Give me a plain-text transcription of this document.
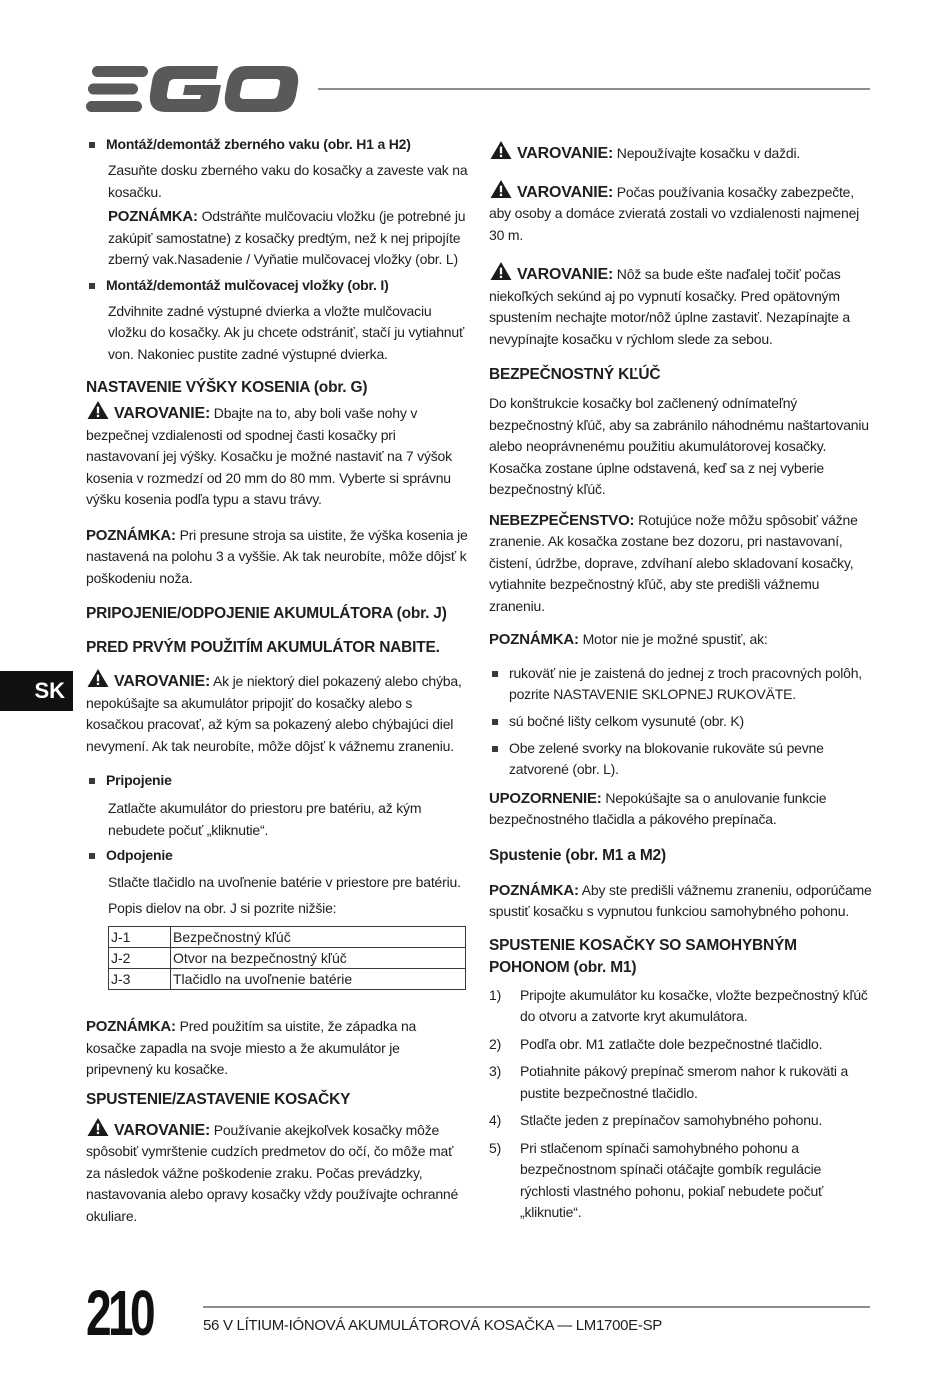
SK
Montáž/demontáž zberného vaku (obr. H1 a H2)

Zasuňte dosku zberného vaku do kosačky a zaveste vak na kosačku.

POZNÁMKA: Odstráňte mulčovaciu vložku (je potrebné ju zakúpiť samostatne) z kosačky predtým, než k nej pripojíte zberný vak.Nasadenie / Vyňatie mulčovacej vložky (obr. L)

Montáž/demontáž mulčovacej vložky (obr. I)

Zdvihnite zadné výstupné dvierka a vložte mulčovaciu vložku do kosačky. Ak ju chcete odstrániť, stačí ju vytiahnuť von. Nakoniec pustite zadné výstupné dvierka.

NASTAVENIE VÝŠKY KOSENIA (obr. G)

VAROVANIE: Dbajte na to, aby boli vaše nohy v bezpečnej vzdialenosti od spodnej časti kosačky pri nastavovaní jej výšky. Kosačku je možné nastaviť na 7 výšok kosenia v rozmedzí od 20 mm do 80 mm. Vyberte si správnu výšku kosenia podľa typu a stavu trávy.

POZNÁMKA: Pri presune stroja sa uistite, že výška kosenia je nastavená na polohu 3 a vyššie. Ak tak neurobíte, môže dôjsť k poškodeniu noža.

PRIPOJENIE/ODPOJENIE AKUMULÁTORA (obr. J)
PRED PRVÝM POUŽITÍM AKUMULÁTOR NABITE.

VAROVANIE: Ak je niektorý diel pokazený alebo chýba, nepokúšajte sa akumulátor pripojiť do kosačky alebo s kosačkou pracovať, až kým sa pokazený alebo chýbajúci diel nevymení. Ak tak neurobíte, môže dôjsť k vážnemu zraneniu.

Pripojenie

Zatlačte akumulátor do priestoru pre batériu, až kým nebudete počuť „kliknutie“.

Odpojenie

Stlačte tlačidlo na uvoľnenie batérie v priestore pre batériu.

Popis dielov na obr. J si pozrite nižšie:

J-1	Bezpečnostný kľúč
J-2	Otvor na bezpečnostný kľúč
J-3	Tlačidlo na uvoľnenie batérie

POZNÁMKA: Pred použitím sa uistite, že západka na kosačke zapadla na svoje miesto a že akumulátor je pripevnený ku kosačke.

SPUSTENIE/ZASTAVENIE KOSAČKY

VAROVANIE: Používanie akejkoľvek kosačky môže spôsobiť vymrštenie cudzích predmetov do očí, čo môže mať za následok vážne poškodenie zraku. Počas prevádzky, nastavovania alebo opravy kosačky vždy používajte ochranné okuliare.

VAROVANIE: Nepoužívajte kosačku v daždi.

VAROVANIE: Počas používania kosačky zabezpečte, aby osoby a domáce zvieratá zostali vo vzdialenosti najmenej 30 m.

VAROVANIE: Nôž sa bude ešte naďalej točiť počas niekoľkých sekúnd aj po vypnutí kosačky. Pred opätovným spustením nechajte motor/nôž úplne zastaviť. Nezapínajte a nevypínajte kosačku v rýchlom slede za sebou.

BEZPEČNOSTNÝ KĽÚČ

Do konštrukcie kosačky bol začlenený odnímateľný bezpečnostný kľúč, aby sa zabránilo náhodnému naštartovaniu alebo neoprávnenému použitiu akumulátorovej kosačky. Kosačka zostane úplne odstavená, keď sa z nej vyberie bezpečnostný kľúč.

NEBEZPEČENSTVO: Rotujúce nože môžu spôsobiť vážne zranenie. Ak kosačka zostane bez dozoru, pri nastavovaní, čistení, údržbe, doprave, zdvíhaní alebo skladovaní kosačky, vytiahnite bezpečnostný kľúč, aby ste predišli vážnemu zraneniu.

POZNÁMKA: Motor nie je možné spustiť, ak:

rukoväť nie je zaistená do jednej z troch pracovných polôh, pozrite NASTAVENIE SKLOPNEJ RUKOVÄTE.
sú bočné lišty celkom vysunuté (obr. K)
Obe zelené svorky na blokovanie rukoväte sú pevne zatvorené (obr. L).

UPOZORNENIE: Nepokúšajte sa o anulovanie funkcie bezpečnostného tlačidla a pákového prepínača.

Spustenie (obr. M1 a M2)

POZNÁMKA: Aby ste predišli vážnemu zraneniu, odporúčame spustiť kosačku s vypnutou funkciou samohybného pohonu.

SPUSTENIE KOSAČKY SO SAMOHYBNÝM POHONOM (obr. M1)
1) Pripojte akumulátor ku kosačke, vložte bezpečnostný kľúč do otvoru a zatvorte kryt akumulátora.
2) Podľa obr. M1 zatlačte dole bezpečnostné tlačidlo.
3) Potiahnite pákový prepínač smerom nahor k rukoväti a pustite bezpečnostné tlačidlo.
4) Stlačte jeden z prepínačov samohybného pohonu.
5) Pri stlačenom spínači samohybného pohonu a bezpečnostnom spínači otáčajte gombík regulácie rýchlosti vlastného pohonu, pokiaľ nebudete počuť „kliknutie“.
210	56 V LÍTIUM-IÓNOVÁ AKUMULÁTOROVÁ KOSAČKA — LM1700E-SP
